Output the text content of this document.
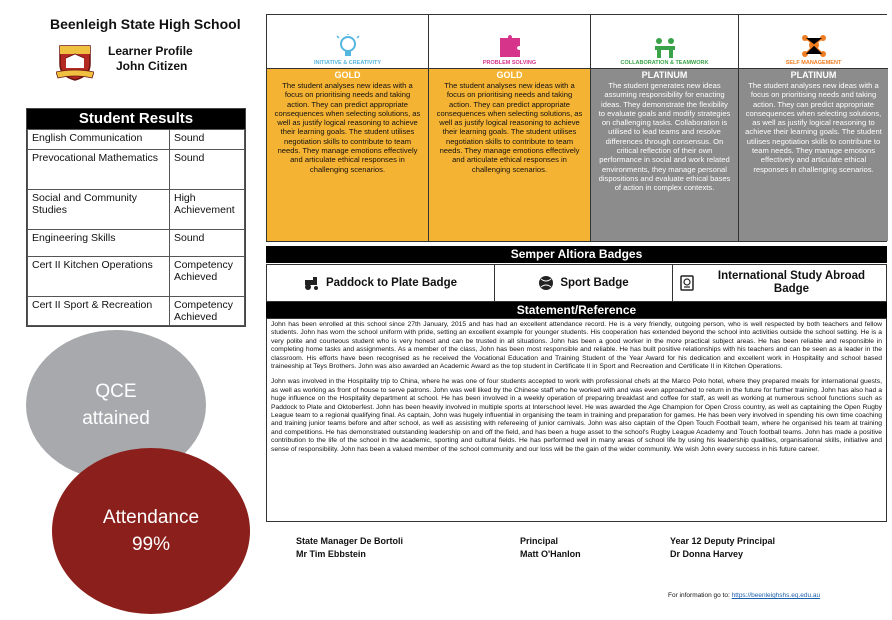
Beenleigh State High School
Learner Profile
John Citizen
Student Results
English Communication	Sound
Prevocational Mathematics	Sound
Social and Community Studies	High Achievement
Engineering Skills	Sound
Cert II Kitchen Operations	Competency Achieved
Cert II Sport & Recreation	Competency Achieved
QCE
attained
Attendance
99%
INITIATIVE & CREATIVITY
GOLD
The student analyses new ideas with a focus on prioritising needs and taking action. They can predict appropriate consequences when selecting solutions, as well as justify logical reasoning to achieve their learning goals. The student utilises negotiation skills to contribute to team needs. They manage emotions effectively and articulate ethical responses in challenging scenarios.
PROBLEM SOLVING
GOLD
The student analyses new ideas with a focus on prioritising needs and taking action. They can predict appropriate consequences when selecting solutions, as well as justify logical reasoning to achieve their learning goals. The student utilises negotiation skills to contribute to team needs. They manage emotions effectively and articulate ethical responses in challenging scenarios.
COLLABORATION & TEAMWORK
PLATINUM
The student generates new ideas assuming responsibility for enacting ideas. They demonstrate the flexibility to evaluate goals and modify strategies on challenging tasks. Collaboration is utilised to lead teams and resolve differences through consensus. On critical reflection of their own performance in social and work related environments, they manage personal dispositions and evaluate ethical bases of action in complex contexts.
SELF MANAGEMENT
PLATINUM
The student analyses new ideas with a focus on prioritising needs and taking action. They can predict appropriate consequences when selecting solutions, as well as justify logical reasoning to achieve their learning goals. The student utilises negotiation skills to contribute to team needs. They manage emotions effectively and articulate ethical responses in challenging scenarios.
Semper Altiora Badges
Paddock to Plate Badge	Sport Badge
International Study Abroad Badge
Statement/Reference

John has been enrolled at this school since 27th January, 2015 and has had an excellent attendance record. He is a very friendly, outgoing person, who is well respected by both teachers and fellow students. John has worn the school uniform with pride, setting an excellent example for younger students. His cooperation has extended beyond the school into activities outside the school setting. He is a very polite and courteous student who is very honest and can be trusted in all situations. John has been a good worker in the more practical subject areas. He has been reliable and responsible in completing home tasks and assignments. As a member of the class, John has been most responsible and reliable. He has built positive relationships with his teachers and can be seen as a leader in the classroom. His efforts have been recognised as he received the Vocational Education and Training Student of the Year Award for his dedication and excellent work in Hospitality and school based traineeship at Teys Brothers. John was also awarded an Academic Award as the top student in Certificate II in Sport and Recreation and Certificate II in Kitchen Operations.

John was involved in the Hospitality trip to China, where he was one of four students accepted to work with professional chefs at the Marco Polo hotel, where they prepared meals for international guests, as well as working as front of house to serve patrons. John was well liked by the Chinese staff who he worked with and was even approached to return in the future for further training. John has also had a huge influence on the Hospitality department at school. He has been involved in a weekly operation of preparing breakfast and coffee for staff, as well as working at numerous school functions such as Paddock to Plate and Oktoberfest. John has been heavily involved in multiple sports at Interschool level. He was awarded the Age Champion for Open Cross country, as well as captaining the Open Rugby League team to a regional qualifying final. As captain, John was hugely influential in organising the team in training and preparation for games. He has been very involved in spending his own time coaching and training junior teams before and after school, as well as assisting with refereeing of junior carnivals. John was also captain of the Open Touch Football team, where he organised his team at training and competitions. He has demonstrated outstanding leadership on and off the field, and has been a huge asset to the school's Rugby League Academy and Touch football teams. John has made a positive contribution to the life of the school in the academic, sporting and cultural fields. He has performed well in many areas of school life by using his leadership qualities, organisational skills, initiative and sense of responsibility. John has been a valued member of the school community and our loss will be the gain of the wider community. We wish John every success in his future career.

State Manager De Bortoli
Mr Tim Ebbstein
Principal
Matt O'Hanlon
Year 12 Deputy Principal
Dr Donna Harvey
For information go to: https://beenleighshs.eq.edu.au
